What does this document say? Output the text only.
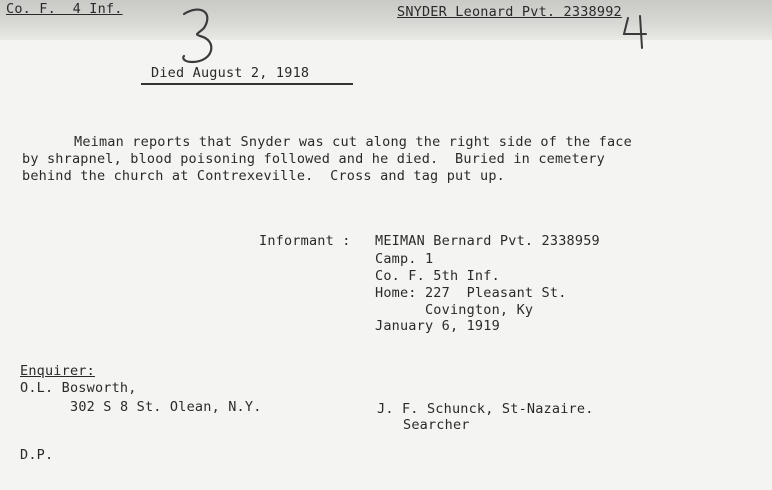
Co. F.  4 Inf.	SNYDER Leonard Pvt. 2338992
Died August 2, 1918
Meiman reports that Snyder was cut along the right side of the face
by shrapnel, blood poisoning followed and he died.  Buried in cemetery
behind the church at Contrexeville.  Cross and tag put up.
Informant : MEIMAN Bernard Pvt. 2338959
Camp. 1
Co. F. 5th Inf.
Home: 227  Pleasant St.
Covington, Ky
January 6, 1919
Enquirer:
O.L. Bosworth,
302 S 8 St. Olean, N.Y.	J. F. Schunck, St-Nazaire.
Searcher
D.P.
